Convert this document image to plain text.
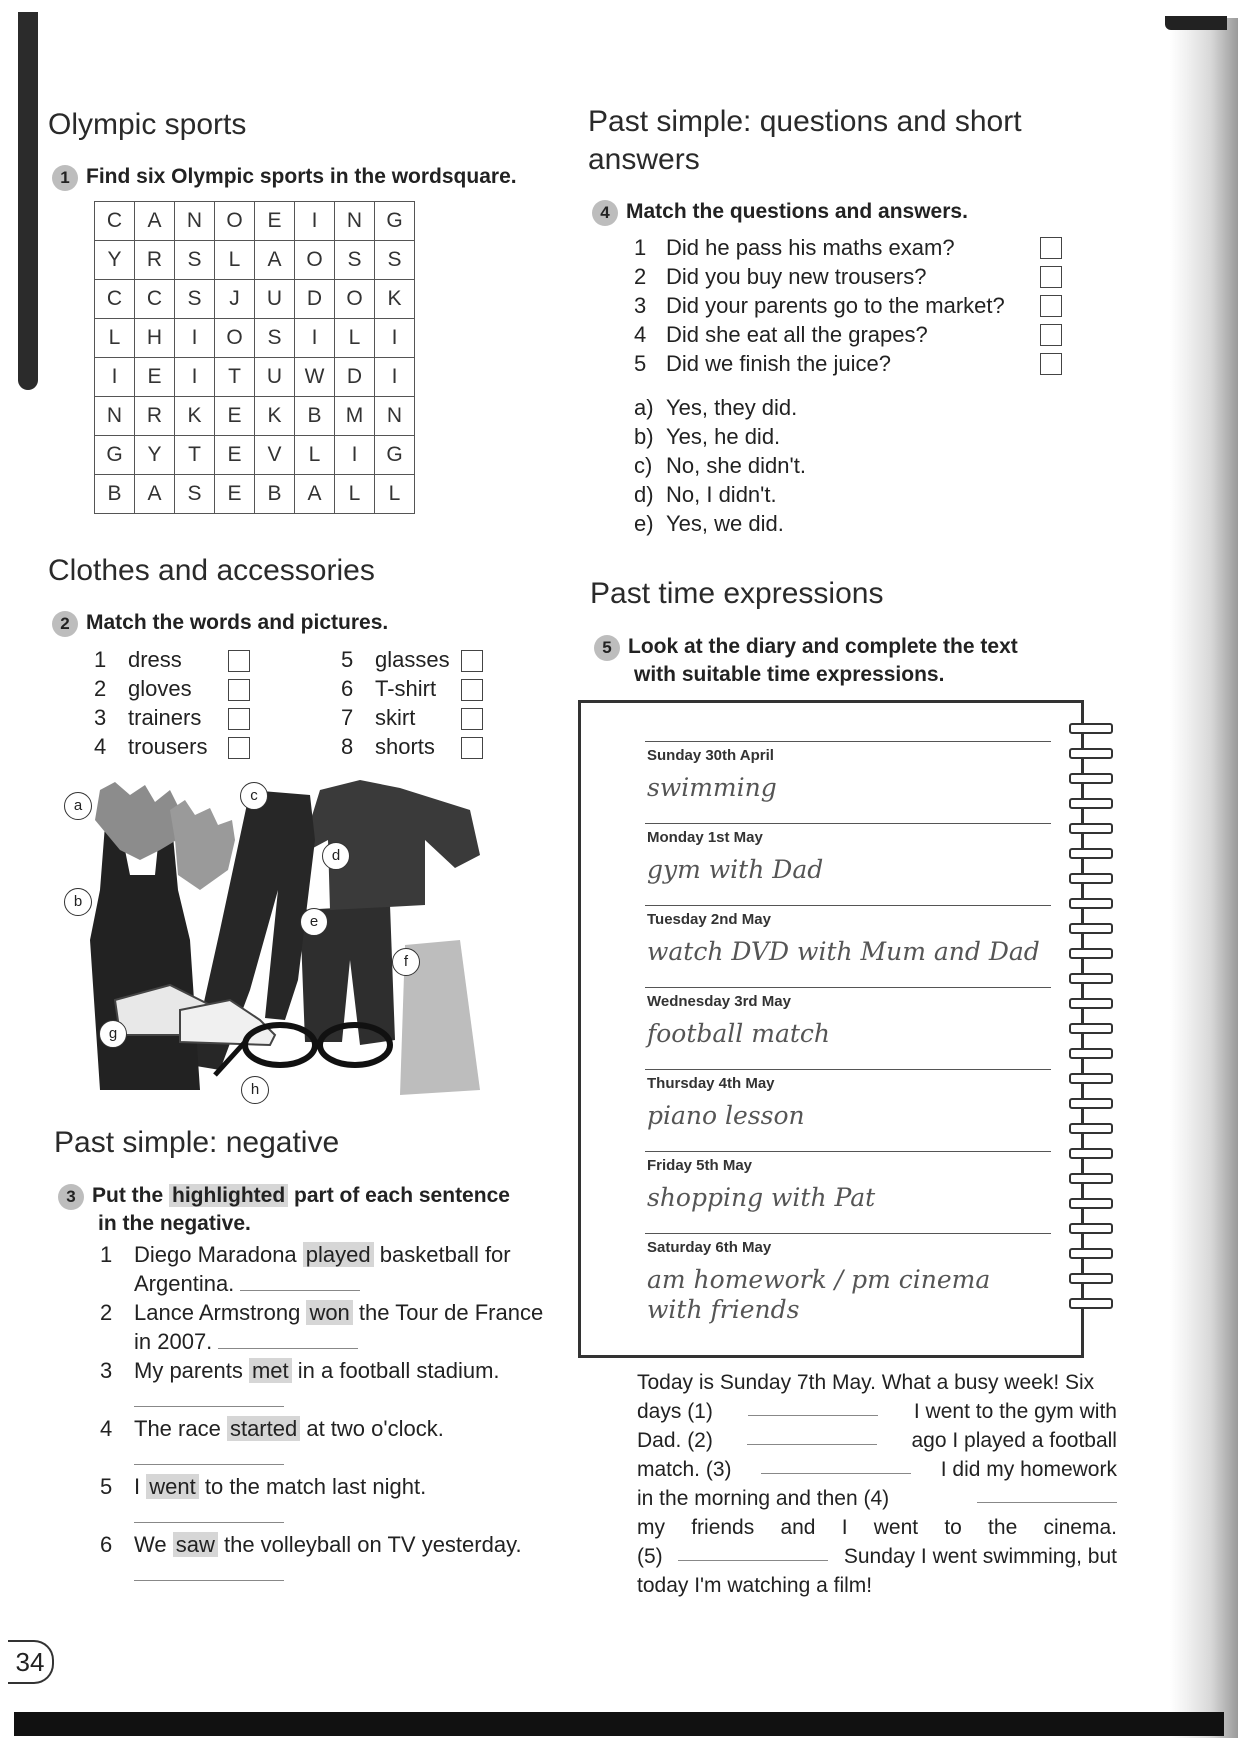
Olympic sports
1 Find six Olympic sports in the wordsquare.
C	A	N	O	E	I	N	G
Y	R	S	L	A	O	S	S
C	C	S	J	U	D	O	K
L	H	I	O	S	I	L	I
I	E	I	T	U	W	D	I
N	R	K	E	K	B	M	N
G	Y	T	E	V	L	I	G
B	A	S	E	B	A	L	L
Clothes and accessories
2 Match the words and pictures.
1 dress
2 gloves
3 trainers
4 trousers
5 glasses
6 T-shirt
7 skirt
8 shorts
a
b
c
d
e
f
g
h
Past simple: negative
3 Put the highlighted part of each sentence
in the negative.
1 Diego Maradona played basketball for
Argentina.
2 Lance Armstrong won the Tour de France
in 2007.
3 My parents met in a football stadium.

4 The race started at two o'clock.

5 I went to the match last night.

6 We saw the volleyball on TV yesterday.

34
Past simple: questions and short
answers
4 Match the questions and answers.
1 Did he pass his maths exam?
2 Did you buy new trousers?
3 Did your parents go to the market?
4 Did she eat all the grapes?
5 Did we finish the juice?
a) Yes, they did.
b) Yes, he did.
c) No, she didn't.
d) No, I didn't.
e) Yes, we did.
Past time expressions
5 Look at the diary and complete the text
with suitable time expressions.
Sunday 30th April
swimming
Monday 1st May
gym with Dad
Tuesday 2nd May
watch DVD with Mum and Dad
Wednesday 3rd May
football match
Thursday 4th May
piano lesson
Friday 5th May
shopping with Pat
Saturday 6th May
am homework / pm cinema with friends
Today is Sunday 7th May. What a busy week! Six
days (1)	I went to the gym with
Dad. (2)	ago I played a football
match. (3)	I did my homework
in the morning and then (4)
my friends and I went to the cinema.
(5)	Sunday I went swimming, but
today I'm watching a film!
